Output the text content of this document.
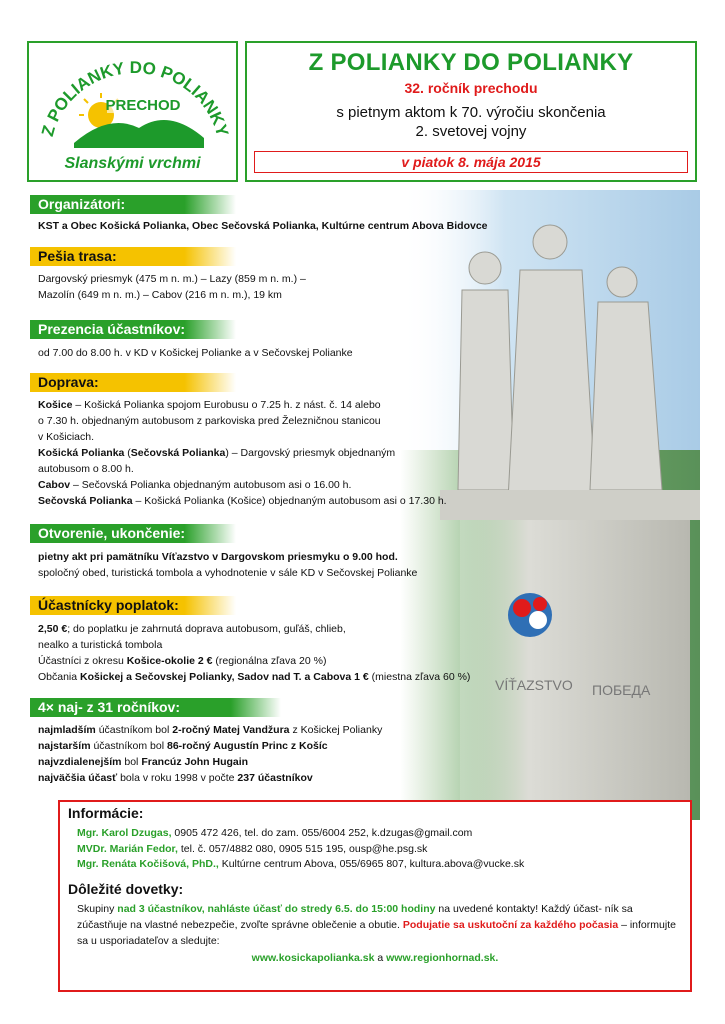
Z POLIANKY DO POLIANKY
PRECHOD
Slanskými vrchmi
Z POLIANKY DO POLIANKY
32. ročník prechodu
s pietnym aktom k 70. výročiu skončenia
2. svetovej vojny
v piatok 8. mája 2015
VÍŤAZSTVO ПОБЕДА
Organizátori:
KST a Obec Košická Polianka, Obec Sečovská Polianka, Kultúrne centrum Abova Bidovce
Pešia trasa:
Dargovský priesmyk (475 m n. m.) – Lazy (859 m n. m.) –
Mazolín (649 m n. m.) – Cabov (216 m n. m.), 19 km
Prezencia účastníkov:
od 7.00 do 8.00 h. v KD v Košickej Polianke a v Sečovskej Polianke
Doprava:
Košice – Košická Polianka spojom Eurobusu o 7.25 h. z nást. č. 14 alebo
o 7.30 h. objednaným autobusom z parkoviska pred Železničnou stanicou
v Košiciach.
Košická Polianka (Sečovská Polianka) – Dargovský priesmyk objednaným
autobusom o 8.00 h.
Cabov – Sečovská Polianka objednaným autobusom asi o 16.00 h.
Sečovská Polianka – Košická Polianka (Košice) objednaným autobusom asi o 17.30 h.
Otvorenie, ukončenie:
pietny akt pri pamätníku Víťazstvo v Dargovskom priesmyku o 9.00 hod.
spoločný obed, turistická tombola a vyhodnotenie v sále KD v Sečovskej Polianke
Účastnícky poplatok:
2,50 €; do poplatku je zahrnutá doprava autobusom, guľáš, chlieb,
nealko a turistická tombola
Účastníci z okresu Košice-okolie 2 € (regionálna zľava 20 %)
Občania Košickej a Sečovskej Polianky, Sadov nad T. a Cabova 1 € (miestna zľava 60 %)
4× naj- z 31 ročníkov:
najmladším účastníkom bol 2-ročný Matej Vandžura z Košickej Polianky
najstarším účastníkom bol 86-ročný Augustín Princ z Košíc
najvzdialenejším bol Francúz John Hugain
najväčšia účasť bola v roku 1998 v počte 237 účastníkov
Informácie:
Mgr. Karol Dzugas, 0905 472 426, tel. do zam. 055/6004 252, k.dzugas@gmail.com
MVDr. Marián Fedor, tel. č. 057/4882 080, 0905 515 195, ousp@he.psg.sk
Mgr. Renáta Kočišová, PhD., Kultúrne centrum Abova, 055/6965 807, kultura.abova@vucke.sk
Dôležité dovetky:
Skupiny nad 3 účastníkov, nahláste účasť do stredy 6.5. do 15:00 hodiny na uvedené kontakty! Každý účast- ník sa zúčastňuje na vlastné nebezpečie, zvoľte správne oblečenie a obutie. Podujatie sa uskutoční za každého počasia – informujte sa u usporiadateľov a sledujte:
www.kosickapolianka.sk a www.regionhornad.sk.
